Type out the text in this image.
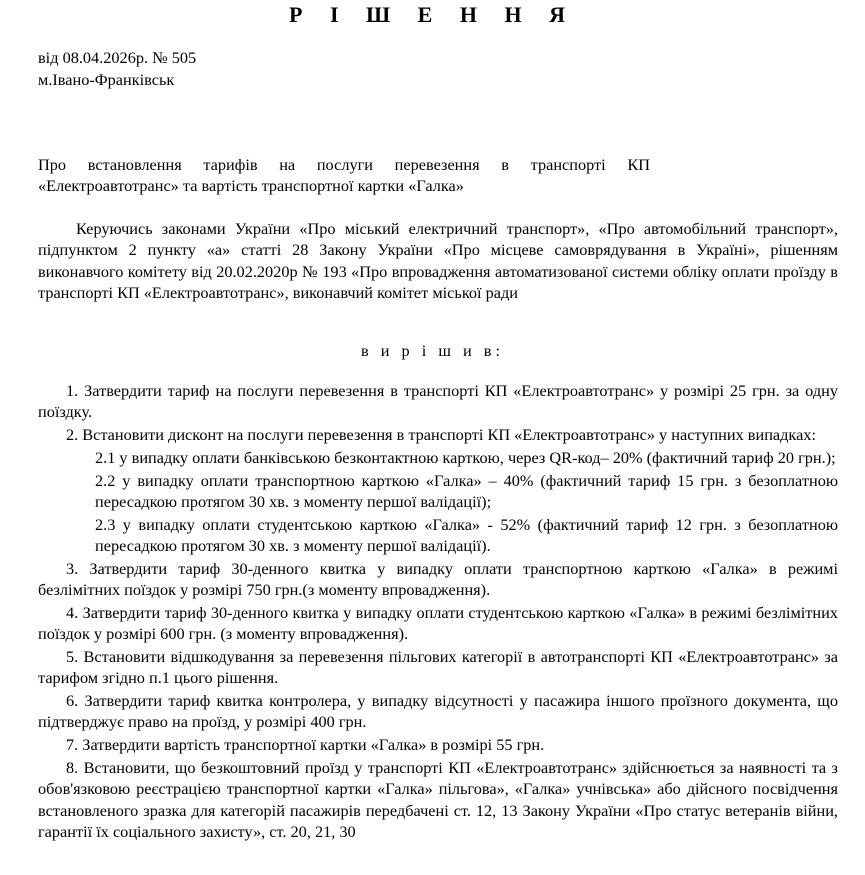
Р І Ш Е Н Н Я
від 08.04.2026р. № 505
м.Івано-Франківськ
Про встановлення тарифів на послуги перевезення в транспорті КП «Електроавтотранс» та вартість транспортної картки «Галка»
Керуючись законами України «Про міський електричний транспорт», «Про автомобільний транспорт», підпунктом 2 пункту «а» статті 28 Закону України «Про місцеве самоврядування в Україні», рішенням виконавчого комітету від 20.02.2020р № 193 «Про впровадження автоматизованої системи обліку оплати проїзду в транспорті КП «Електроавтотранс», виконавчий комітет міської ради
в и р і ш и в:
1. Затвердити тариф на послуги перевезення в транспорті КП «Електроавтотранс» у розмірі 25 грн. за одну поїздку.
2. Встановити дисконт на послуги перевезення в транспорті КП «Електроавтотранс» у наступних випадках:
2.1 у випадку оплати банківською безконтактною карткою, через QR-код– 20% (фактичний тариф 20 грн.);
2.2 у випадку оплати транспортною карткою «Галка» – 40% (фактичний тариф 15 грн. з безоплатною пересадкою протягом 30 хв. з моменту першої валідації);
2.3 у випадку оплати студентською карткою «Галка» - 52% (фактичний тариф 12 грн. з безоплатною пересадкою протягом 30 хв. з моменту першої валідації).
3. Затвердити тариф 30-денного квитка у випадку оплати транспортною карткою «Галка» в режимі безлімітних поїздок у розмірі 750 грн.(з моменту впровадження).
4. Затвердити тариф 30-денного квитка у випадку оплати студентською карткою «Галка» в режимі безлімітних поїздок у розмірі 600 грн. (з моменту впровадження).
5. Встановити відшкодування за перевезення пільгових категорії в автотранспорті КП «Електроавтотранс» за тарифом згідно п.1 цього рішення.
6. Затвердити тариф квитка контролера, у випадку відсутності у пасажира іншого проїзного документа, що підтверджує право на проїзд, у розмірі 400 грн.
7. Затвердити вартість транспортної картки «Галка» в розмірі 55 грн.
8. Встановити, що безкоштовний проїзд у транспорті КП «Електроавтотранс» здійснюється за наявності та з обов'язковою реєстрацією транспортної картки «Галка» пільгова», «Галка» учнівська» або дійсного посвідчення встановленого зразка для категорій пасажирів передбачені ст. 12, 13 Закону України «Про статус ветеранів війни, гарантії їх соціального захисту», ст. 20, 21, 30
